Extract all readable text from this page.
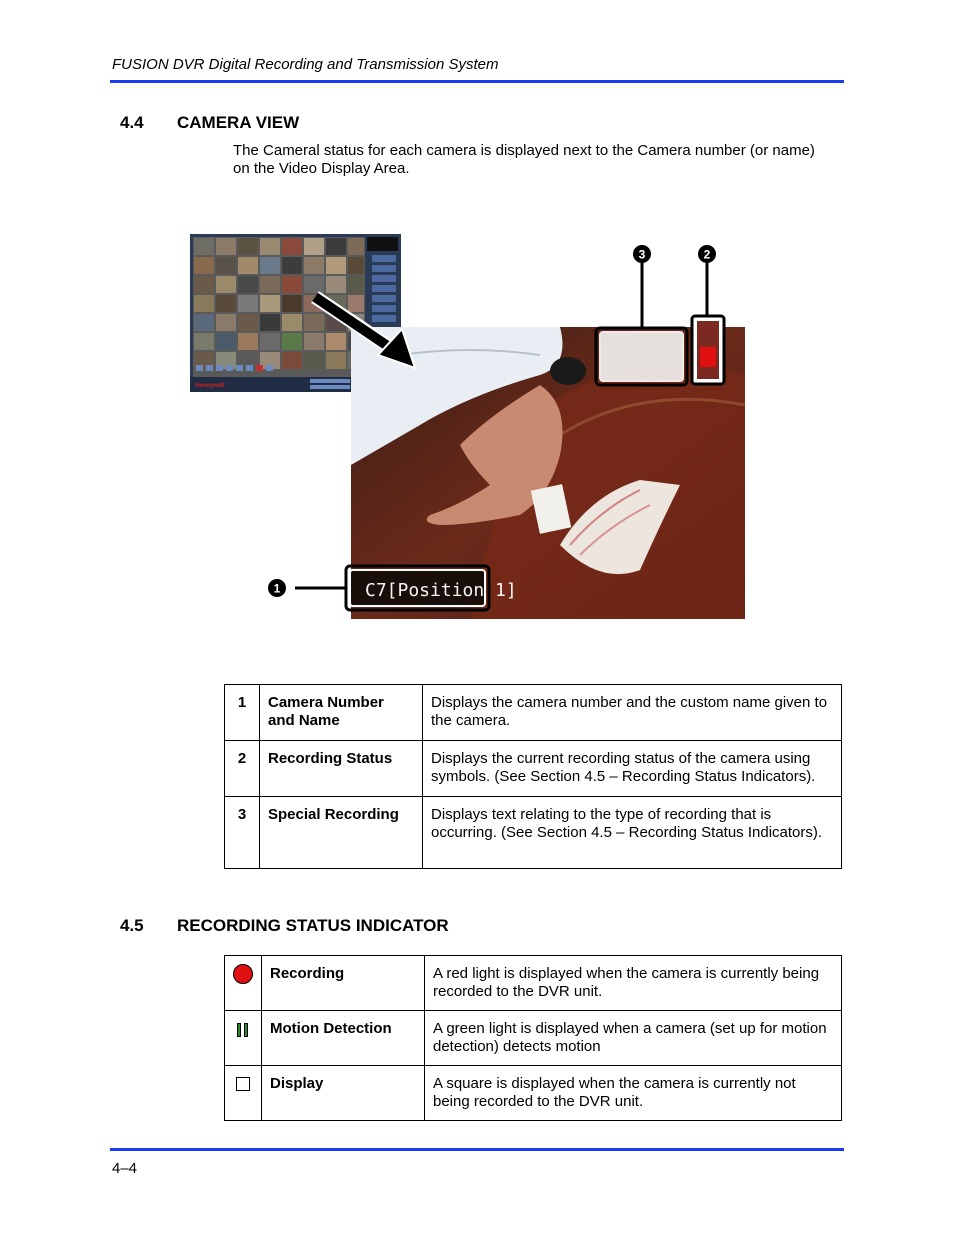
FUSION DVR Digital Recording and Transmission System
4.4 CAMERA VIEW
The Cameral status for each camera is displayed next to the Camera number (or name) on the Video Display Area.
Honeywell
C7[Position 1]
1
3	2
1	Camera Number and Name	Displays the camera number and the custom name given to the camera.
2	Recording Status	Displays the current recording status of the camera using symbols. (See Section 4.5 – Recording Status Indicators).
3	Special Recording	Displays text relating to the type of recording that is occurring. (See Section 4.5 – Recording Status Indicators).
4.5 RECORDING STATUS INDICATOR
	Recording	A red light is displayed when the camera is currently being recorded to the DVR unit.

	Motion Detection	A green light is displayed when a camera (set up for motion detection) detects motion
	Display	A square is displayed when the camera is currently not being recorded to the DVR unit.
4–4
